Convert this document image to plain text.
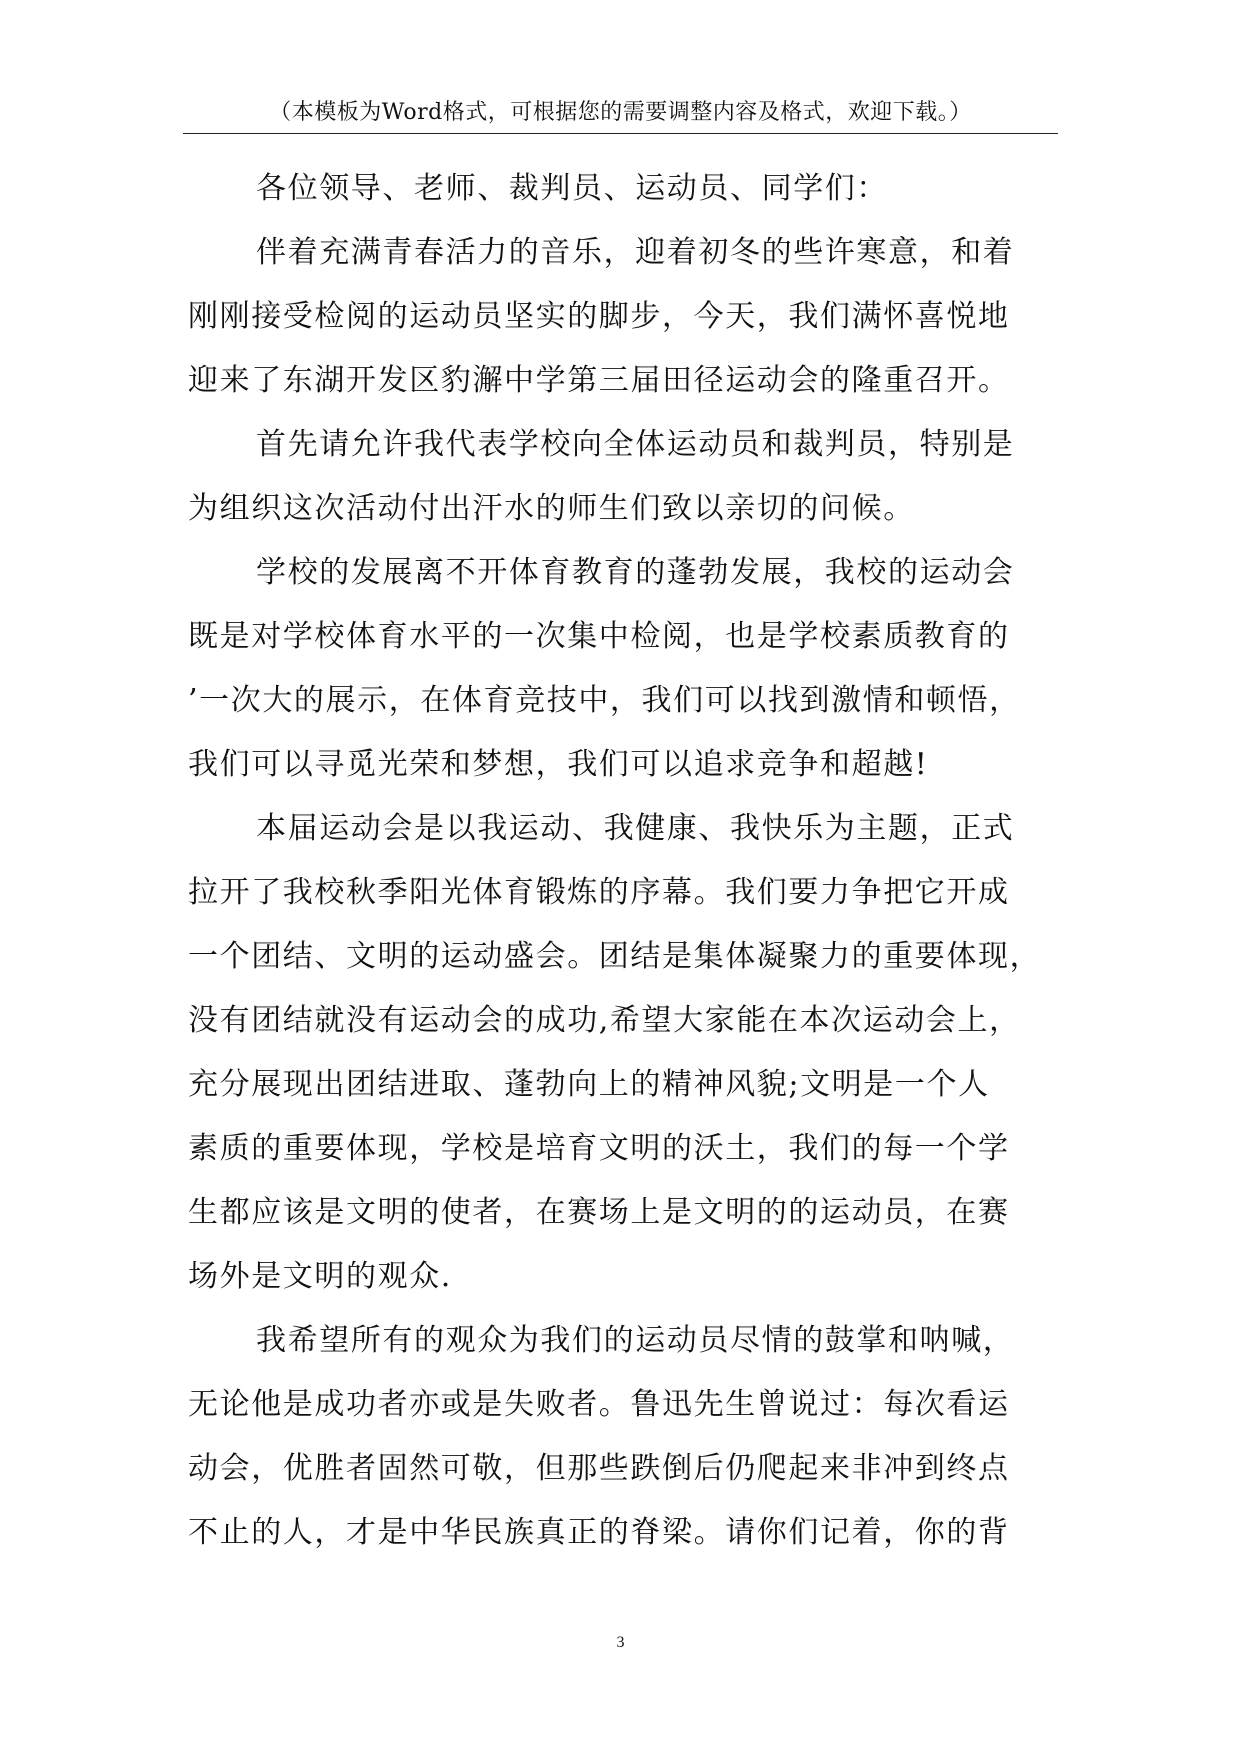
（本模板为Word格式，可根据您的需要调整内容及格式，欢迎下载。）
各位领导、老师、裁判员、运动员、同学们：
伴着充满青春活力的音乐，迎着初冬的些许寒意，和着
刚刚接受检阅的运动员坚实的脚步，今天，我们满怀喜悦地
迎来了东湖开发区豹澥中学第三届田径运动会的隆重召开。
首先请允许我代表学校向全体运动员和裁判员，特别是
为组织这次活动付出汗水的师生们致以亲切的问候。
学校的发展离不开体育教育的蓬勃发展，我校的运动会
既是对学校体育水平的一次集中检阅，也是学校素质教育的
’一次大的展示，在体育竞技中，我们可以找到激情和顿悟，
我们可以寻觅光荣和梦想，我们可以追求竞争和超越!
本届运动会是以我运动、我健康、我快乐为主题，正式
拉开了我校秋季阳光体育锻炼的序幕。我们要力争把它开成
一个团结、文明的运动盛会。团结是集体凝聚力的重要体现，
没有团结就没有运动会的成功,希望大家能在本次运动会上，
充分展现出团结进取、蓬勃向上的精神风貌;文明是一个人
素质的重要体现，学校是培育文明的沃土，我们的每一个学
生都应该是文明的使者，在赛场上是文明的的运动员，在赛
场外是文明的观众.
我希望所有的观众为我们的运动员尽情的鼓掌和呐喊，
无论他是成功者亦或是失败者。鲁迅先生曾说过：每次看运
动会，优胜者固然可敬，但那些跌倒后仍爬起来非冲到终点
不止的人，才是中华民族真正的脊梁。请你们记着，你的背
3
